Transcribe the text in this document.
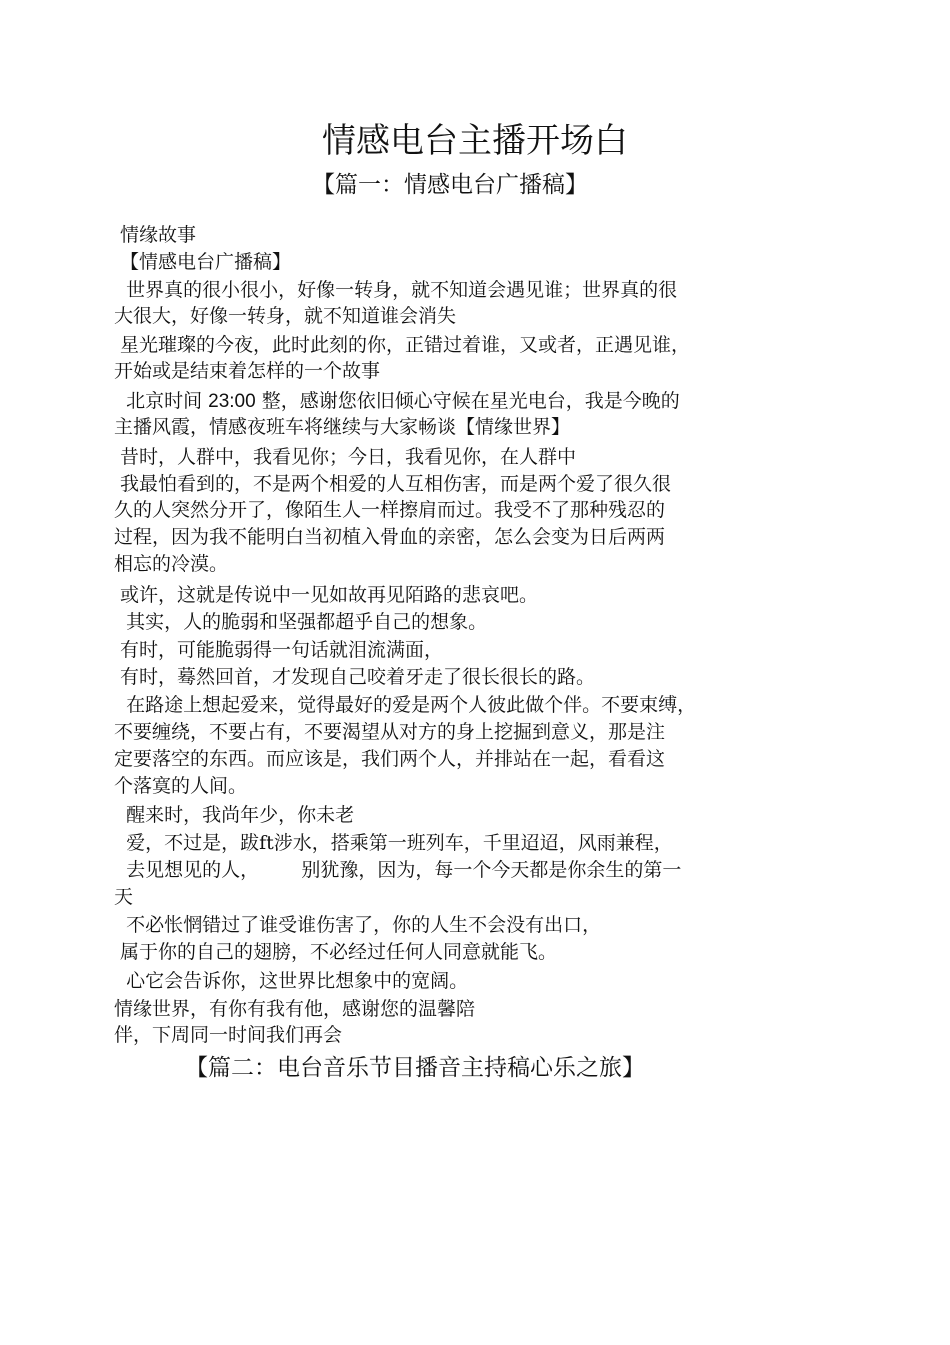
情感电台主播开场白
【篇一：情感电台广播稿】
情缘故事
【情感电台广播稿】
世界真的很小很小，好像一转身，就不知道会遇见谁；世界真的很
大很大，好像一转身，就不知道谁会消失
星光璀璨的今夜，此时此刻的你，正错过着谁，又或者，正遇见谁，
开始或是结束着怎样的一个故事
北京时间 23:00 整，感谢您依旧倾心守候在星光电台，我是今晚的
主播风霞，情感夜班车将继续与大家畅谈【情缘世界】
昔时，人群中，我看见你；今日，我看见你，在人群中
我最怕看到的，不是两个相爱的人互相伤害，而是两个爱了很久很
久的人突然分开了，像陌生人一样擦肩而过。我受不了那种残忍的
过程，因为我不能明白当初植入骨血的亲密，怎么会变为日后两两
相忘的冷漠。
或许，这就是传说中一见如故再见陌路的悲哀吧。
其实，人的脆弱和坚强都超乎自己的想象。
有时，可能脆弱得一句话就泪流满面，
有时，蓦然回首，才发现自己咬着牙走了很长很长的路。
在路途上想起爱来，觉得最好的爱是两个人彼此做个伴。不要束缚，
不要缠绕，不要占有，不要渴望从对方的身上挖掘到意义，那是注
定要落空的东西。而应该是，我们两个人，并排站在一起，看看这
个落寞的人间。
醒来时，我尚年少，你未老
爱，不过是，跋ft涉水，搭乘第一班列车，千里迢迢，风雨兼程，
去见想见的人，       别犹豫，因为，每一个今天都是你余生的第一
天
不必怅惘错过了谁受谁伤害了，你的人生不会没有出口，
属于你的自己的翅膀，不必经过任何人同意就能飞。
心它会告诉你，这世界比想象中的宽阔。
情缘世界，有你有我有他，感谢您的温馨陪
伴，下周同一时间我们再会
【篇二：电台音乐节目播音主持稿心乐之旅】
